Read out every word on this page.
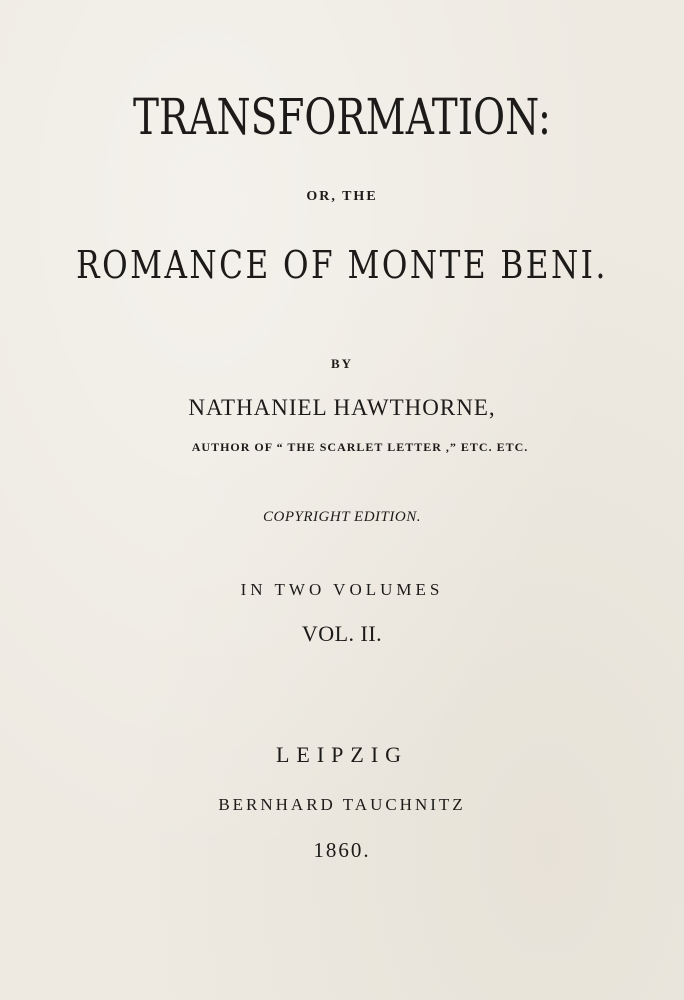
TRANSFORMATION:
OR, THE
ROMANCE OF MONTE BENI.
BY
NATHANIEL HAWTHORNE,
AUTHOR OF “ THE SCARLET LETTER ,” ETC. ETC.
COPYRIGHT EDITION.
IN TWO VOLUMES
VOL. II.
LEIPZIG
BERNHARD TAUCHNITZ
1860.
